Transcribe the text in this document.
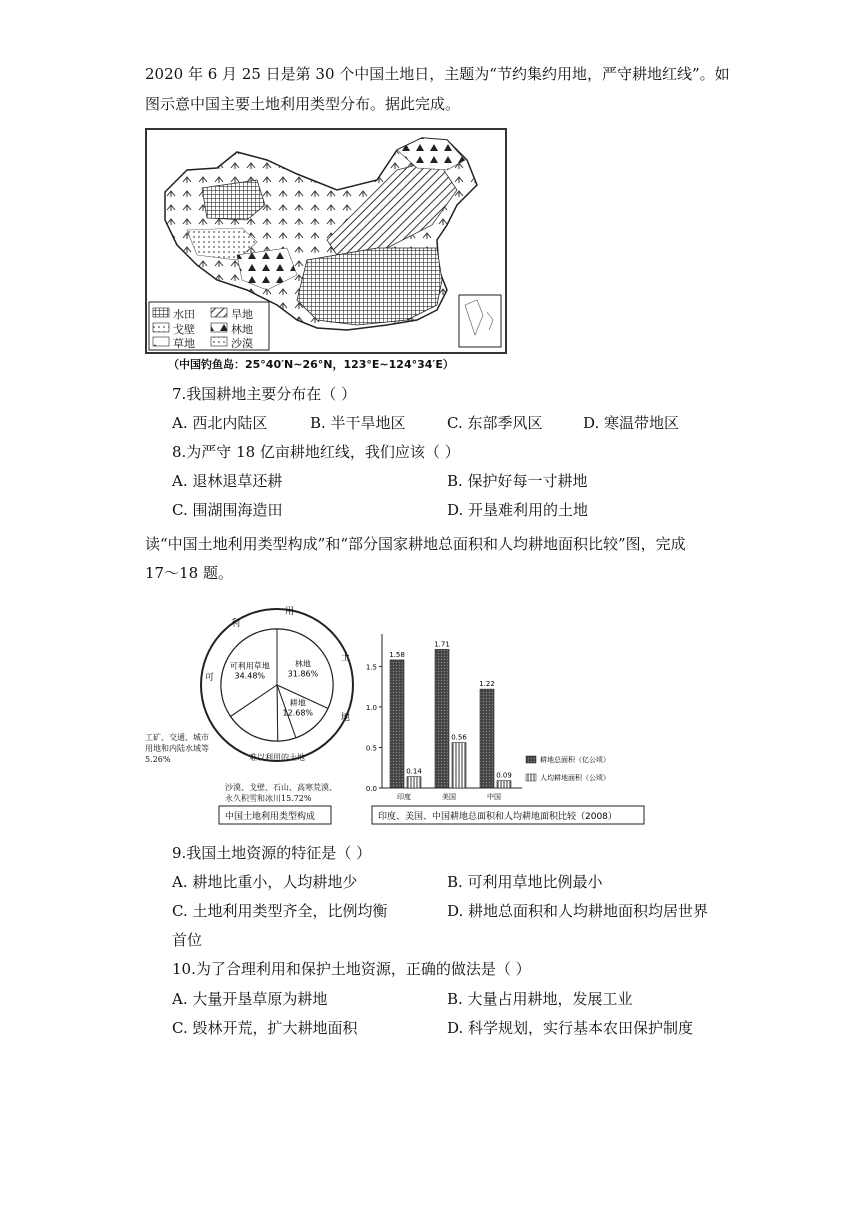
2020 年 6 月 25 日是第 30 个中国土地日，主题为“节约集约用地，严守耕地红线”。如
图示意中国主要土地利用类型分布。据此完成。
水田	旱地
戈壁	林地
草地	沙漠
（中国钓鱼岛：25°40′N~26°N，123°E~124°34′E）
7.我国耕地主要分布在（ ）
A. 西北内陆区	B. 半干旱地区	C. 东部季风区	D. 寒温带地区
8.为严守 18 亿亩耕地红线，我们应该（ ）
A. 退林退草还耕	B. 保护好每一寸耕地
C. 围湖围海造田	D. 开垦难利用的土地
读“中国土地利用类型构成”和“部分国家耕地总面积和人均耕地面积比较”图，完成
17～18 题。
可利用草地
34.48%
林地
31.86%
耕地
12.68%
利
用
土
地
可
中国土地利用类型构成
工矿、交通、城市用地和内陆水域等5.26%
沙漠、戈壁、石山、高寒荒漠、永久积雪和冰川15.72%
难以利用的土地
0.0
0.5
1.0
1.5
1.58
0.14
1.71
0.56
1.22
0.09
印度	美国	中国
耕地总面积（亿公顷）
人均耕地面积（公顷）
印度、美国、中国耕地总面积和人均耕地面积比较（2008）
9.我国土地资源的特征是（ ）
A. 耕地比重小，人均耕地少	B. 可利用草地比例最小
C. 土地利用类型齐全，比例均衡	D. 耕地总面积和人均耕地面积均居世界
首位
10.为了合理利用和保护土地资源，正确的做法是（ ）
A. 大量开垦草原为耕地	B. 大量占用耕地，发展工业
C. 毁林开荒，扩大耕地面积	D. 科学规划，实行基本农田保护制度
